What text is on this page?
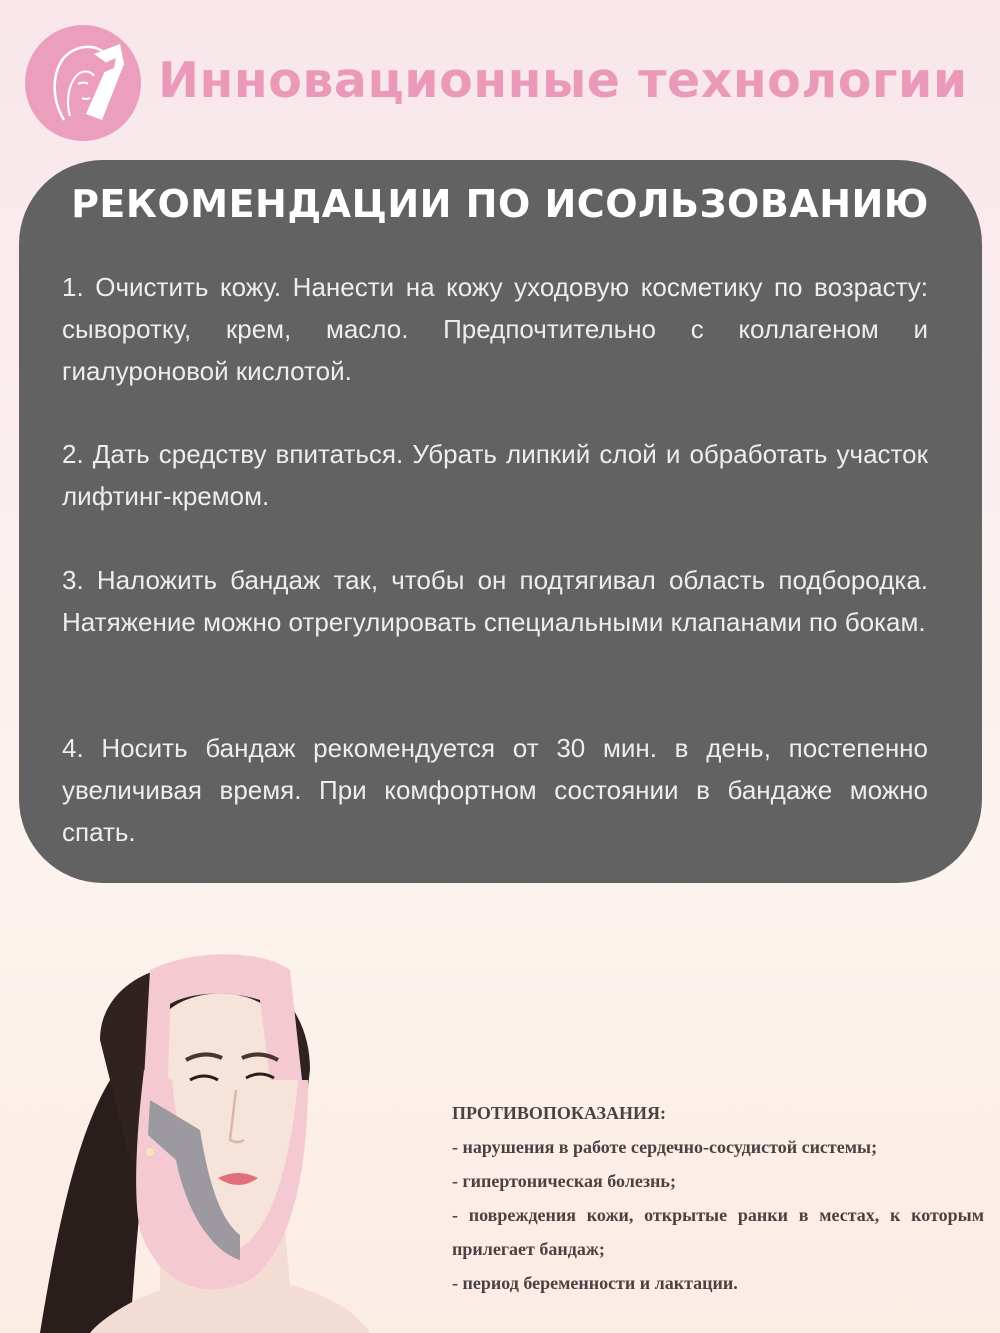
Инновационные технологии
РЕКОМЕНДАЦИИ ПО ИСОЛЬЗОВАНИЮ

1. Очистить кожу. Нанести на кожу уходовую косметику по возрасту: сыворотку, крем, масло. Предпочтительно с коллагеном и гиалуроновой кислотой.

2. Дать средству впитаться. Убрать липкий слой и обработать участок лифтинг-кремом.

3. Наложить бандаж так, чтобы он подтягивал область подбородка. Натяжение можно отрегулировать специальными клапанами по бокам.

4. Носить бандаж рекомендуется от 30 мин. в день, постепенно увеличивая время. При комфортном состоянии в бандаже можно спать.

ПРОТИВОПОКАЗАНИЯ:
- нарушения в работе сердечно-сосудистой системы;
- гипертоническая болезнь;
- повреждения кожи, открытые ранки в местах, к которым прилегает бандаж;
- период беременности и лактации.
